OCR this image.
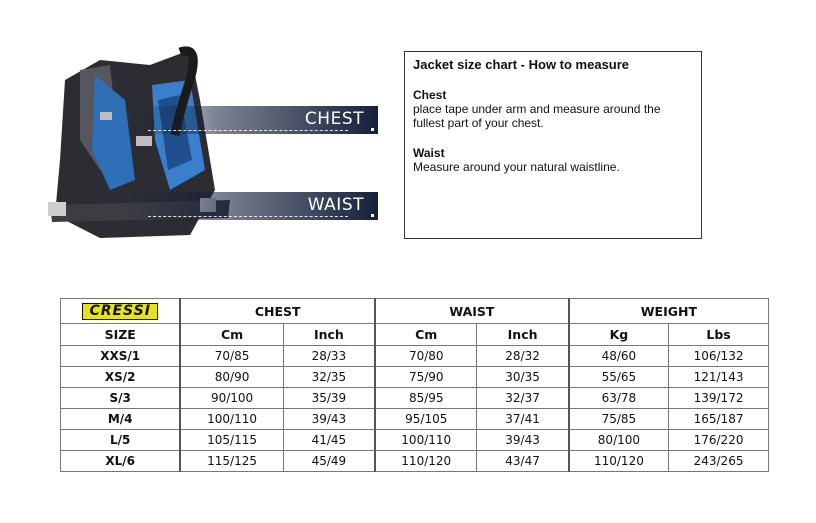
CHEST
WAIST
Jacket size chart - How to measure
Chest

place tape under arm and measure around the fullest part of your chest.

Waist

Measure around your natural waistline.

CRESSI	CHEST		WAIST		WEIGHT	
SIZE	Cm	Inch	Cm	Inch	Kg	Lbs
XXS/1	70/85	28/33	70/80	28/32	48/60	106/132
XS/2	80/90	32/35	75/90	30/35	55/65	121/143
S/3	90/100	35/39	85/95	32/37	63/78	139/172
M/4	100/110	39/43	95/105	37/41	75/85	165/187
L/5	105/115	41/45	100/110	39/43	80/100	176/220
XL/6	115/125	45/49	110/120	43/47	110/120	243/265
